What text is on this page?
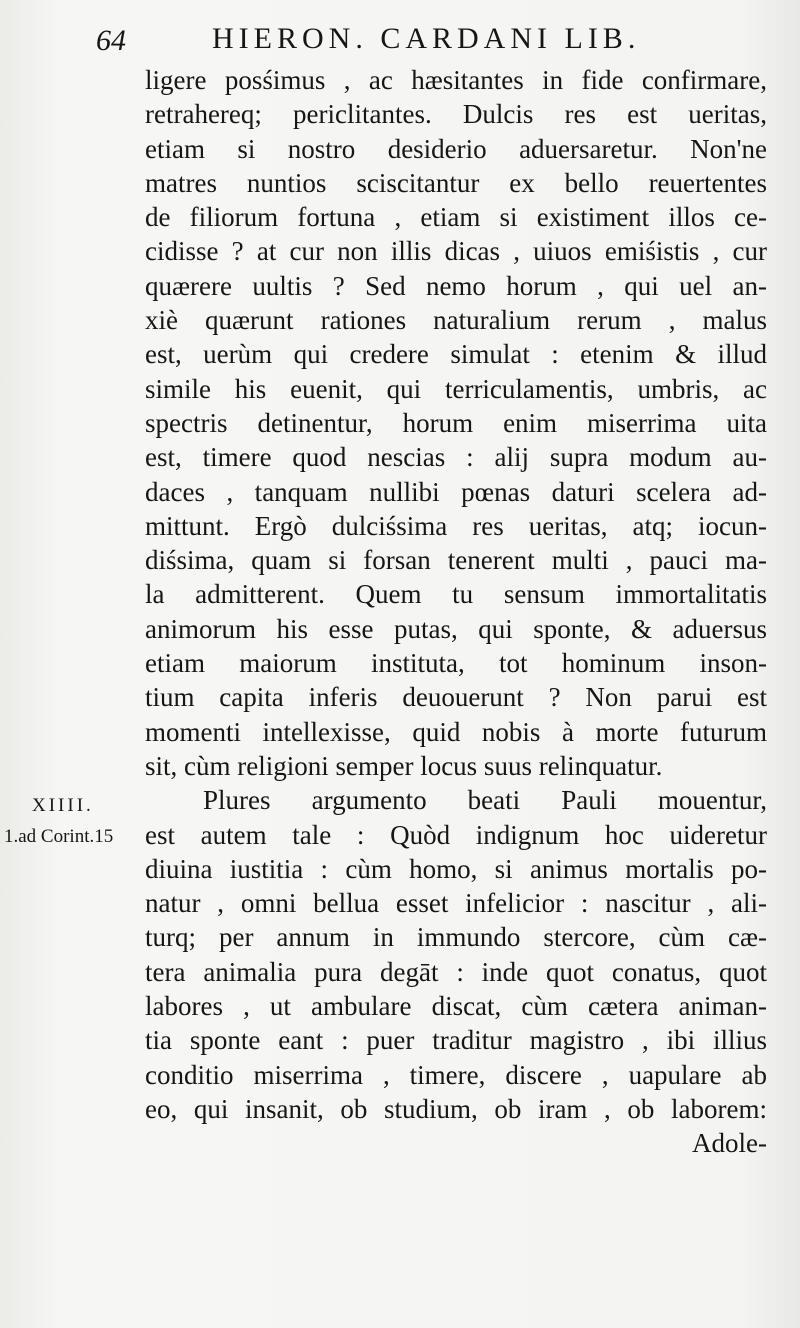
64	HIERON. CARDANI LIB.
XIIII.
1.ad Corint.15
ligere posśimus , ac hæsitantes in fide confirmare,
retrahereq; periclitantes. Dulcis res est ueritas,
etiam si nostro desiderio aduersaretur. Non'ne
matres nuntios sciscitantur ex bello reuertentes
de filiorum fortuna , etiam si existiment illos ce-
cidisse ? at cur non illis dicas , uiuos emiśistis , cur
quærere uultis ? Sed nemo horum , qui uel an-
xiè quærunt rationes naturalium rerum , malus
est, uerùm qui credere simulat : etenim & illud
simile his euenit, qui terriculamentis, umbris, ac
spectris detinentur, horum enim miserrima uita
est, timere quod nescias : alij supra modum au-
daces , tanquam nullibi pœnas daturi scelera ad-
mittunt. Ergò dulciśsima res ueritas, atq; iocun-
diśsima, quam si forsan tenerent multi , pauci ma-
la admitterent. Quem tu sensum immortalitatis
animorum his esse putas, qui sponte, & aduersus
etiam maiorum instituta, tot hominum inson-
tium capita inferis deuouerunt ? Non parui est
momenti intellexisse, quid nobis à morte futurum
sit, cùm religioni semper locus suus relinquatur.
Plures argumento beati Pauli mouentur,
est autem tale : Quòd indignum hoc uideretur
diuina iustitia : cùm homo, si animus mortalis po-
natur , omni bellua esset infelicior : nascitur , ali-
turq; per annum in immundo stercore, cùm cæ-
tera animalia pura degāt : inde quot conatus, quot
labores , ut ambulare discat, cùm cætera animan-
tia sponte eant : puer traditur magistro , ibi illius
conditio miserrima , timere, discere , uapulare ab
eo, qui insanit, ob studium, ob iram , ob laborem:
Adole-
